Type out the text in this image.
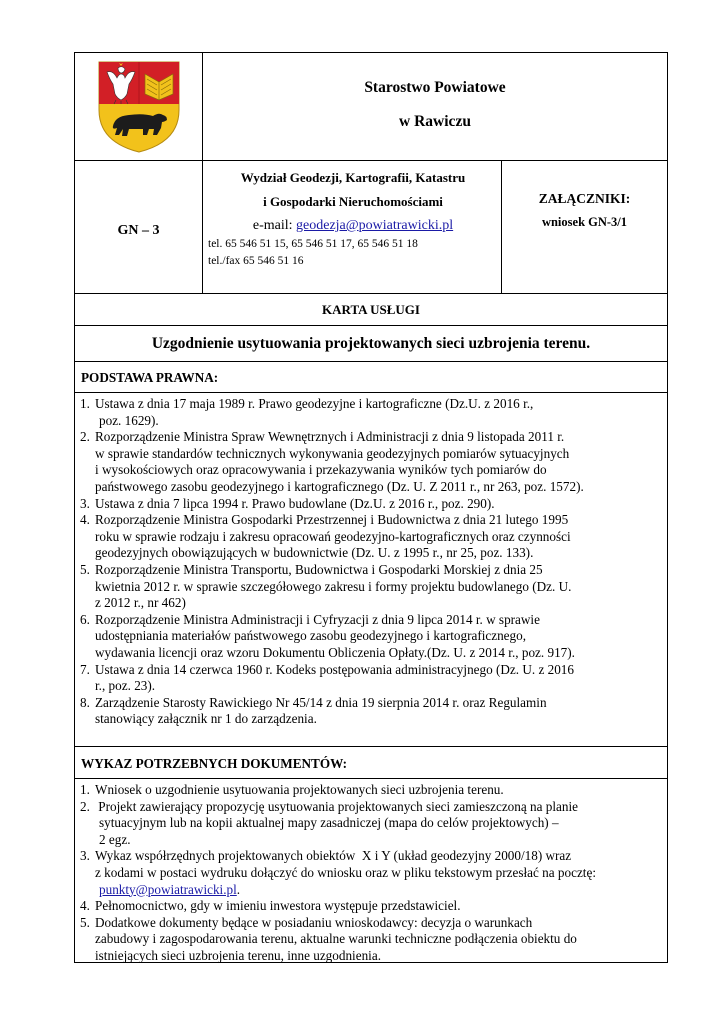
Starostwo Powiatowe
w Rawiczu
GN – 3
Wydział Geodezji, Kartografii, Katastru
i Gospodarki Nieruchomościami
e-mail: geodezja@powiatrawicki.pl
tel. 65 546 51 15, 65 546 51 17, 65 546 51 18
tel./fax 65 546 51 16
ZAŁĄCZNIKI:
wniosek GN-3/1
KARTA USŁUGI
Uzgodnienie usytuowania projektowanych sieci uzbrojenia terenu.
PODSTAWA PRAWNA:
1. Ustawa z dnia 17 maja 1989 r. Prawo geodezyjne i kartograficzne (Dz.U. z 2016 r.,
poz. 1629).
2. Rozporządzenie Ministra Spraw Wewnętrznych i Administracji z dnia 9 listopada 2011 r.
w sprawie standardów technicznych wykonywania geodezyjnych pomiarów sytuacyjnych
i wysokościowych oraz opracowywania i przekazywania wyników tych pomiarów do
państwowego zasobu geodezyjnego i kartograficznego (Dz. U. Z 2011 r., nr 263, poz. 1572).
3. Ustawa z dnia 7 lipca 1994 r. Prawo budowlane (Dz.U. z 2016 r., poz. 290).
4. Rozporządzenie Ministra Gospodarki Przestrzennej i Budownictwa z dnia 21 lutego 1995
roku w sprawie rodzaju i zakresu opracowań geodezyjno-kartograficznych oraz czynności
geodezyjnych obowiązujących w budownictwie (Dz. U. z 1995 r., nr 25, poz. 133).
5. Rozporządzenie Ministra Transportu, Budownictwa i Gospodarki Morskiej z dnia 25
kwietnia 2012 r. w sprawie szczegółowego zakresu i formy projektu budowlanego (Dz. U.
z 2012 r., nr 462)
6. Rozporządzenie Ministra Administracji i Cyfryzacji z dnia 9 lipca 2014 r. w sprawie
udostępniania materiałów państwowego zasobu geodezyjnego i kartograficznego,
wydawania licencji oraz wzoru Dokumentu Obliczenia Opłaty.(Dz. U. z 2014 r., poz. 917).
7. Ustawa z dnia 14 czerwca 1960 r. Kodeks postępowania administracyjnego (Dz. U. z 2016
r., poz. 23).
8. Zarządzenie Starosty Rawickiego Nr 45/14 z dnia 19 sierpnia 2014 r. oraz Regulamin
stanowiący załącznik nr 1 do zarządzenia.
WYKAZ POTRZEBNYCH DOKUMENTÓW:
1. Wniosek o uzgodnienie usytuowania projektowanych sieci uzbrojenia terenu.
2. Projekt zawierający propozycję usytuowania projektowanych sieci zamieszczoną na planie
sytuacyjnym lub na kopii aktualnej mapy zasadniczej (mapa do celów projektowych) –
2 egz.
3. Wykaz współrzędnych projektowanych obiektów  X i Y (układ geodezyjny 2000/18) wraz
z kodami w postaci wydruku dołączyć do wniosku oraz w pliku tekstowym przesłać na pocztę:
punkty@powiatrawicki.pl.
4. Pełnomocnictwo, gdy w imieniu inwestora występuje przedstawiciel.
5. Dodatkowe dokumenty będące w posiadaniu wnioskodawcy: decyzja o warunkach
zabudowy i zagospodarowania terenu, aktualne warunki techniczne podłączenia obiektu do
istniejących sieci uzbrojenia terenu, inne uzgodnienia.
